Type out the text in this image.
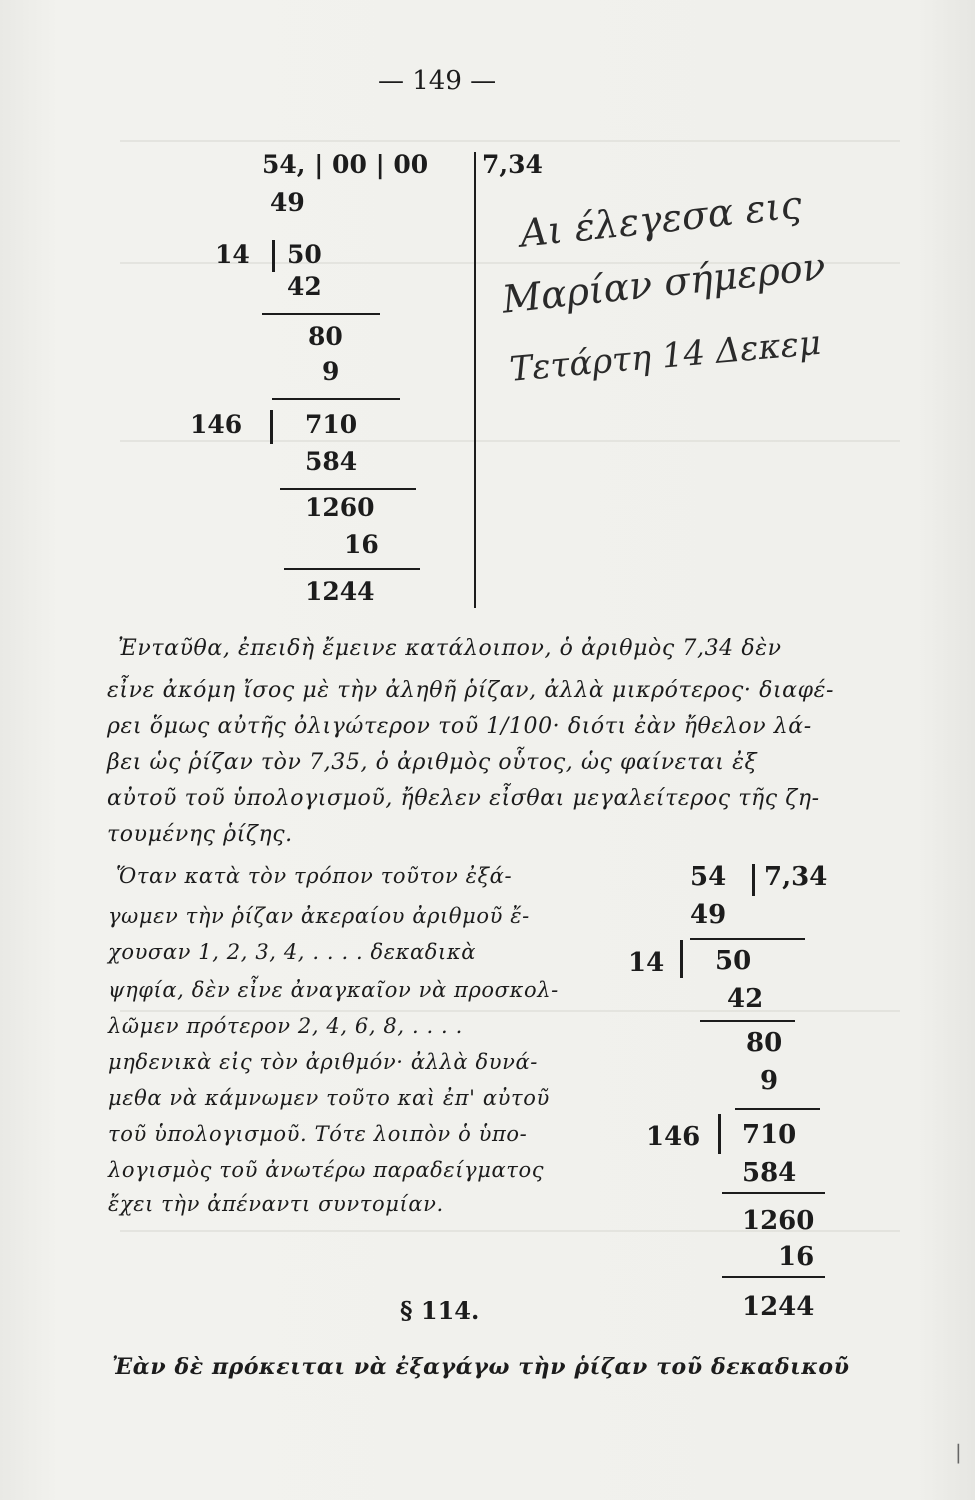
— 149 —
54, | 00 | 00 7,34
49
14 50
42
80
9
146	710
584
1260
16
1244
Αι έλεγεσα εις
Μαρίαν σήμερον
Τετάρτη 14 Δεκεμ
Ἐνταῦθα, ἐπειδὴ ἔμεινε κατάλοιπον, ὁ ἀριθμὸς 7,34 δὲν
εἶνε ἀκόμη ἴσος μὲ τὴν ἀληθῆ ῥίζαν, ἀλλὰ μικρότερος· διαφέ-
ρει ὅμως αὐτῆς ὀλιγώτερον τοῦ 1/100· διότι ἐὰν ἤθελον λά-
βει ὡς ῥίζαν τὸν 7,35, ὁ ἀριθμὸς οὗτος, ὡς φαίνεται ἐξ
αὐτοῦ τοῦ ὑπολογισμοῦ, ἤθελεν εἶσθαι μεγαλείτερος τῆς ζη-
τουμένης ῥίζης.
Ὅταν κατὰ τὸν τρόπον τοῦτον ἐξά-
γωμεν τὴν ῥίζαν ἀκεραίου ἀριθμοῦ ἔ-
χουσαν 1, 2, 3, 4, . . . . δεκαδικὰ
ψηφία, δὲν εἶνε ἀναγκαῖον νὰ προσκολ-
λῶμεν πρότερον 2, 4, 6, 8, . . . .
μηδενικὰ εἰς τὸν ἀριθμόν· ἀλλὰ δυνά-
μεθα νὰ κάμνωμεν τοῦτο καὶ ἐπ' αὐτοῦ
τοῦ ὑπολογισμοῦ. Τότε λοιπὸν ὁ ὑπο-
λογισμὸς τοῦ ἀνωτέρω παραδείγματος
ἔχει τὴν ἀπέναντι συντομίαν.
54 7,34
49
14 50
42
80
9
146 710
584
1260
16
1244
§ 114.
Ἐὰν δὲ πρόκειται νὰ ἐξαγάγω τὴν ῥίζαν τοῦ δεκαδικοῦ
|
